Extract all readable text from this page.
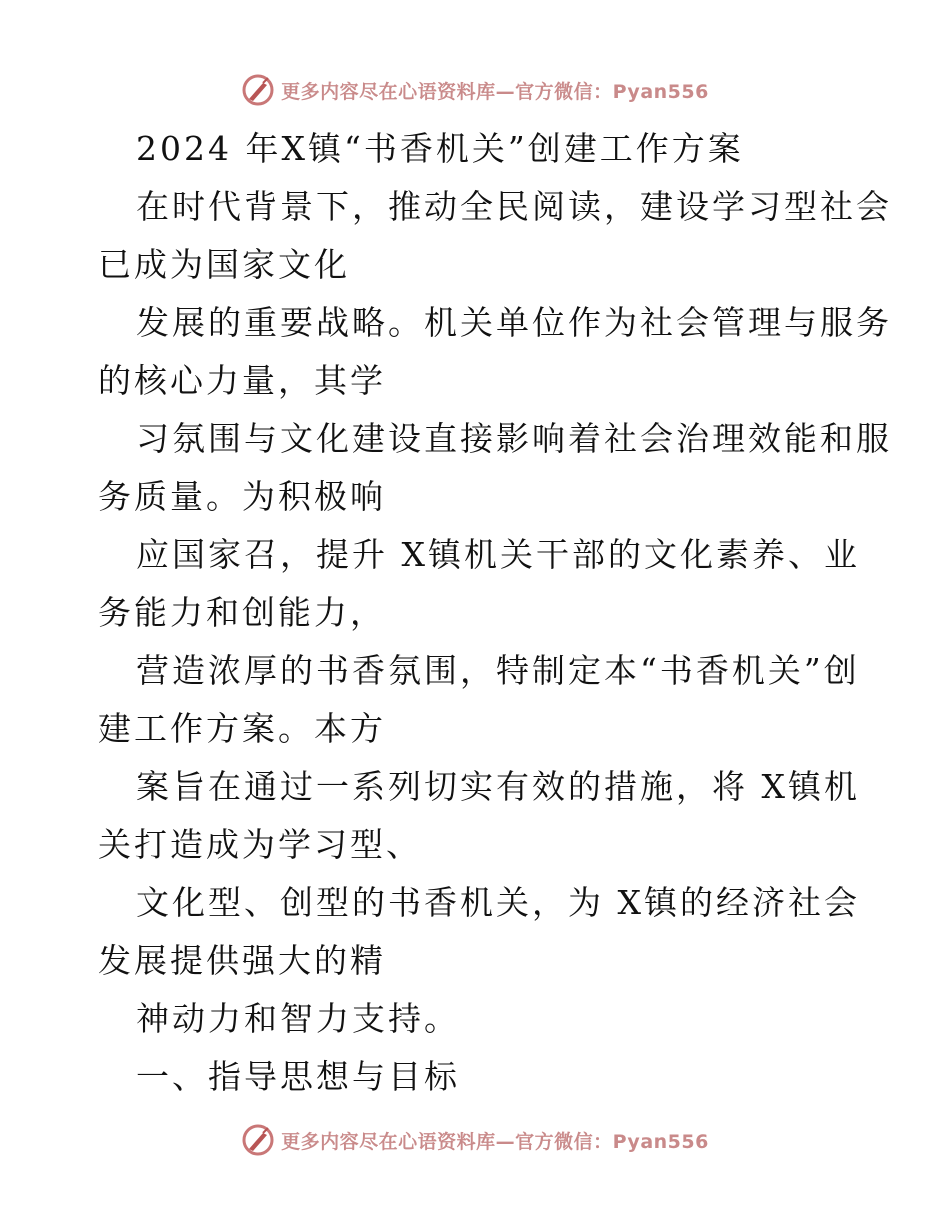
更多内容尽在心语资料库—官方微信：Pyan556
2024 年X镇“书香机关”创建工作方案
在时代背景下，推动全民阅读，建设学习型社会
已成为国家文化
发展的重要战略。机关单位作为社会管理与服务
的核心力量，其学
习氛围与文化建设直接影响着社会治理效能和服
务质量。为积极响
应国家召，提升 X镇机关干部的文化素养、业
务能力和创能力，
营造浓厚的书香氛围，特制定本“书香机关”创
建工作方案。本方
案旨在通过一系列切实有效的措施，将 X镇机
关打造成为学习型、
文化型、创型的书香机关，为 X镇的经济社会
发展提供强大的精
神动力和智力支持。
一、指导思想与目标
更多内容尽在心语资料库—官方微信：Pyan556
